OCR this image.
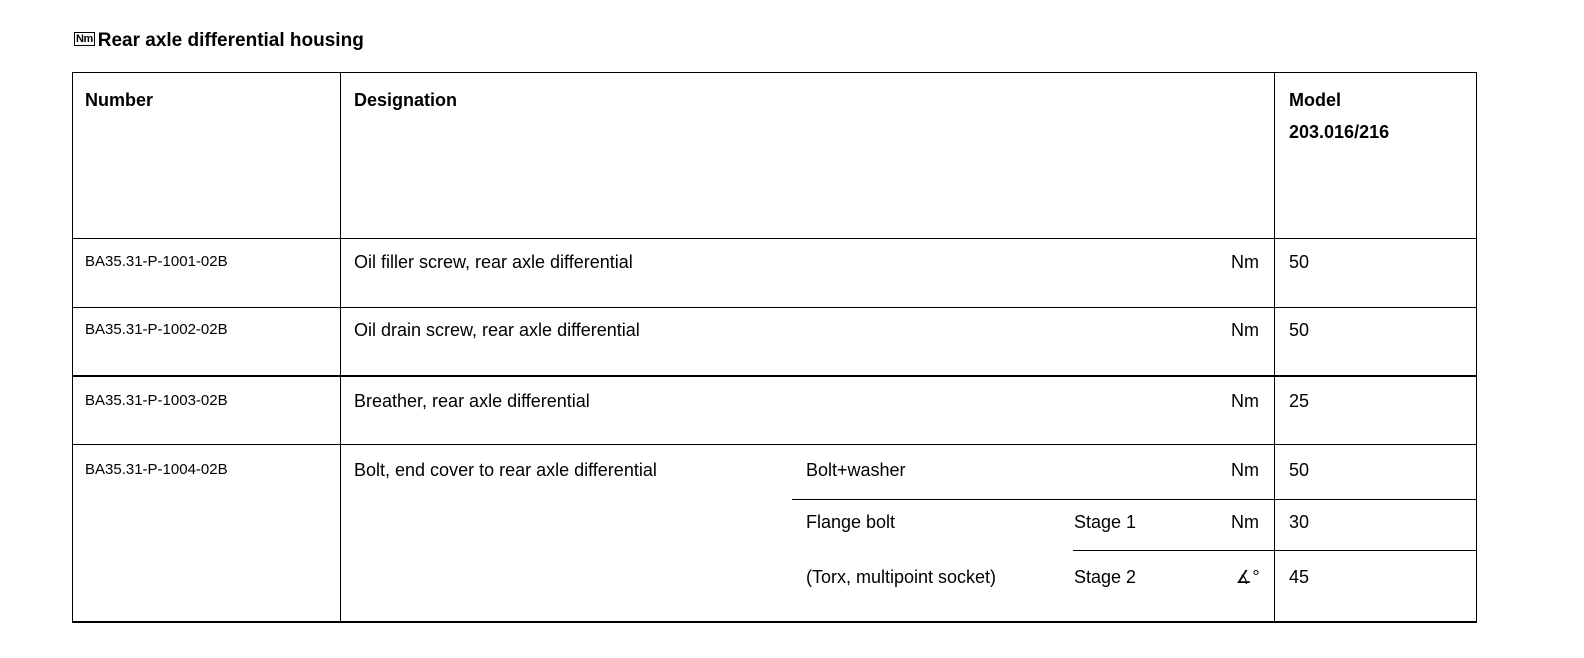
Nm Rear axle differential housing
Number	Designation	Model
203.016/216
BA35.31-P-1001-02B	Oil filler screw, rear axle differential	Nm 50
BA35.31-P-1002-02B	Oil drain screw, rear axle differential	Nm 50
BA35.31-P-1003-02B	Breather, rear axle differential	Nm 25
BA35.31-P-1004-02B	Bolt, end cover to rear axle differential	Bolt+washer	Nm 50
Flange bolt	Stage 1	Nm 30
(Torx, multipoint socket)	Stage 2	∡° 45
